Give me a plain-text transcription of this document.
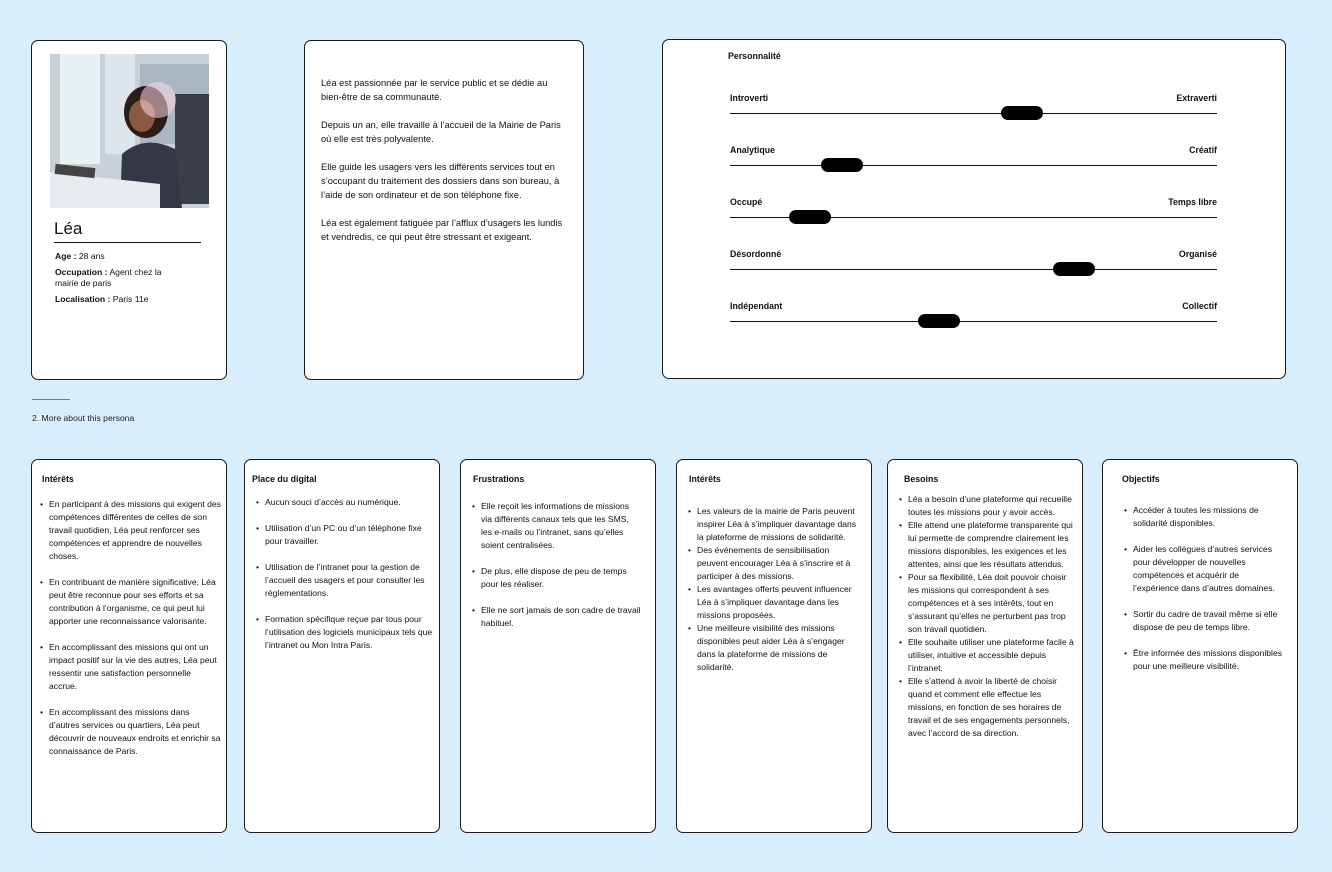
Léa
Age : 28 ans
Occupation : Agent chez la mairie de paris
Localisation : Paris 11e

Léa est passionnée par le service public et se dédie au bien-être de sa communauté.

Depuis un an, elle travaille à l’accueil de la Mairie de Paris où elle est très polyvalente.

Elle guide les usagers vers les différents services tout en s’occupant du traitement des dossiers dans son bureau, à l’aide de son ordinateur et de son téléphone fixe.

Léa est également fatiguée par l’afflux d’usagers les lundis et vendredis, ce qui peut être stressant et exigeant.

Personnalité
Introverti	Extraverti
Analytique	Créatif
Occupé	Temps libre
Désordonné	Organisé
Indépendant	Collectif
2. More about this persona
Intérêts
• En participant à des missions qui exigent des compétences différentes de celles de son travail quotidien, Léa peut renforcer ses compétences et apprendre de nouvelles choses.
• En contribuant de manière significative, Léa peut être reconnue pour ses efforts et sa contribution à l’organisme, ce qui peut lui apporter une reconnaissance valorisante.
• En accomplissant des missions qui ont un impact positif sur la vie des autres, Léa peut ressentir une satisfaction personnelle accrue.
• En accomplissant des missions dans d’autres services ou quartiers, Léa peut découvrir de nouveaux endroits et enrichir sa connaissance de Paris.
Place du digital
• Aucun souci d’accès au numérique.
• Utilisation d’un PC ou d’un téléphone fixe pour travailler.
• Utilisation de l’intranet pour la gestion de l’accueil des usagers et pour consulter les réglementations.
• Formation spécifique reçue par tous pour l’utilisation des logiciels municipaux tels que l’intranet ou Mon Intra Paris.
Frustrations
• Elle reçoit les informations de missions via différents canaux tels que les SMS, les e-mails ou l’intranet, sans qu’elles soient centralisées.
• De plus, elle dispose de peu de temps pour les réaliser.
• Elle ne sort jamais de son cadre de travail habituel.
Intérêts
• Les valeurs de la mairie de Paris peuvent inspirer Léa à s’impliquer davantage dans la plateforme de missions de solidarité.
• Des événements de sensibilisation peuvent encourager Léa à s’inscrire et à participer à des missions.
• Les avantages offerts peuvent influencer Léa à s’impliquer davantage dans les missions proposées.
• Une meilleure visibilité des missions disponibles peut aider Léa à s’engager dans la plateforme de missions de solidarité.
Besoins
• Léa a besoin d’une plateforme qui recueille toutes les missions pour y avoir accès.
• Elle attend une plateforme transparente qui lui permette de comprendre clairement les missions disponibles, les exigences et les attentes, ainsi que les résultats attendus.
• Pour sa flexibilité, Léa doit pouvoir choisir les missions qui correspondent à ses compétences et à ses intérêts, tout en s’assurant qu’elles ne perturbent pas trop son travail quotidien.
• Elle souhaite utiliser une plateforme facile à utiliser, intuitive et accessible depuis l’intranet.
• Elle s’attend à avoir la liberté de choisir quand et comment elle effectue les missions, en fonction de ses horaires de travail et de ses engagements personnels, avec l’accord de sa direction.
Objectifs
• Accéder à toutes les missions de solidarité disponibles.
• Aider les collègues d’autres services pour développer de nouvelles compétences et acquérir de l’expérience dans d’autres domaines.
• Sortir du cadre de travail même si elle dispose de peu de temps libre.
• Être informée des missions disponibles pour une meilleure visibilité.
